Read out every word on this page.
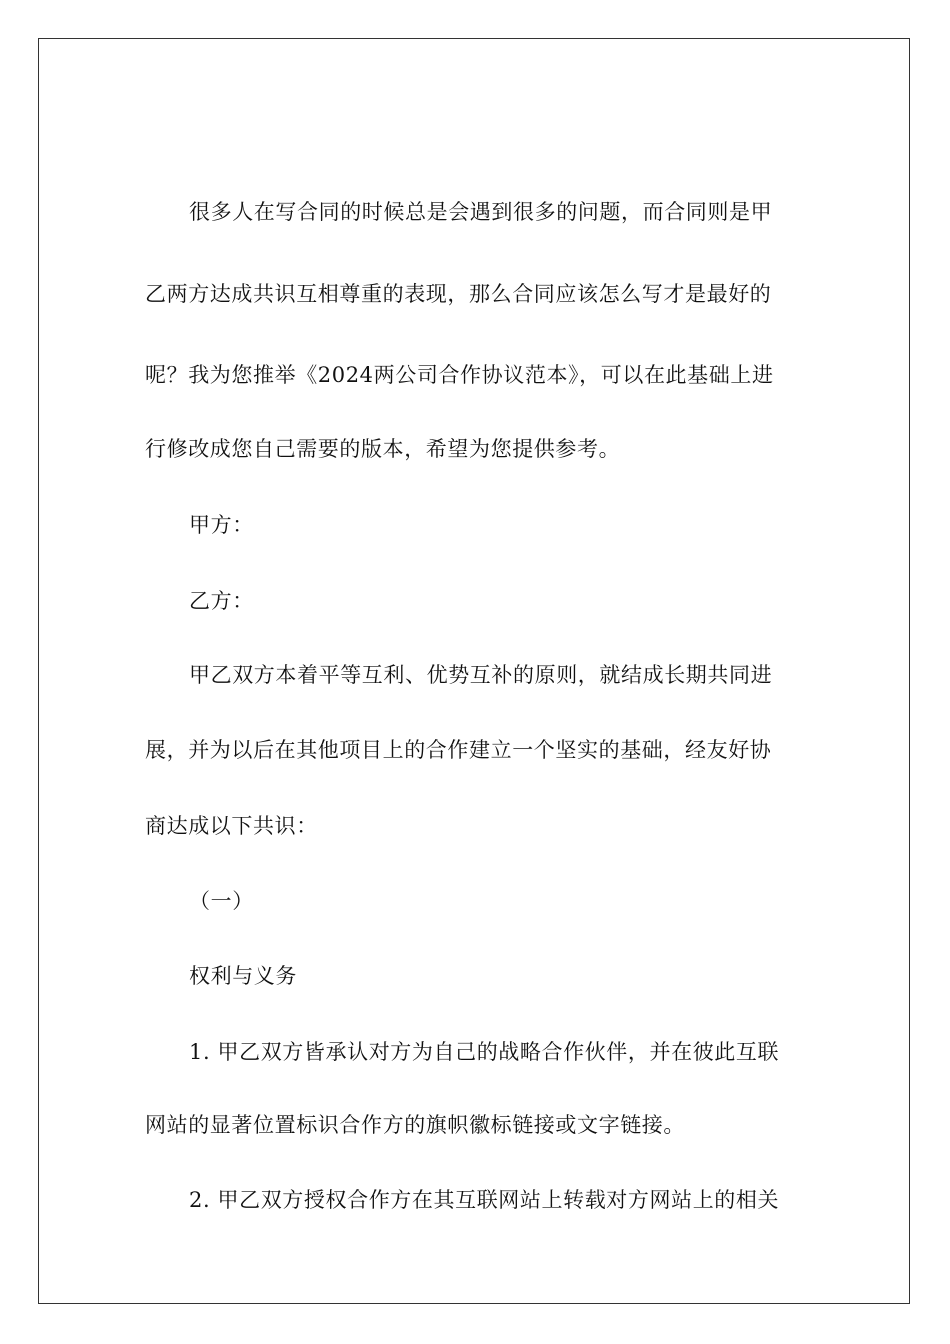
很多人在写合同的时候总是会遇到很多的问题，而合同则是甲
乙两方达成共识互相尊重的表现，那么合同应该怎么写才是最好的
呢？我为您推举《2024两公司合作协议范本》，可以在此基础上进
行修改成您自己需要的版本，希望为您提供参考。
甲方：
乙方：
甲乙双方本着平等互利、优势互补的原则，就结成长期共同进
展，并为以后在其他项目上的合作建立一个坚实的基础，经友好协
商达成以下共识：
（一）
权利与义务
1. 甲乙双方皆承认对方为自己的战略合作伙伴，并在彼此互联
网站的显著位置标识合作方的旗帜徽标链接或文字链接。
2. 甲乙双方授权合作方在其互联网站上转载对方网站上的相关
